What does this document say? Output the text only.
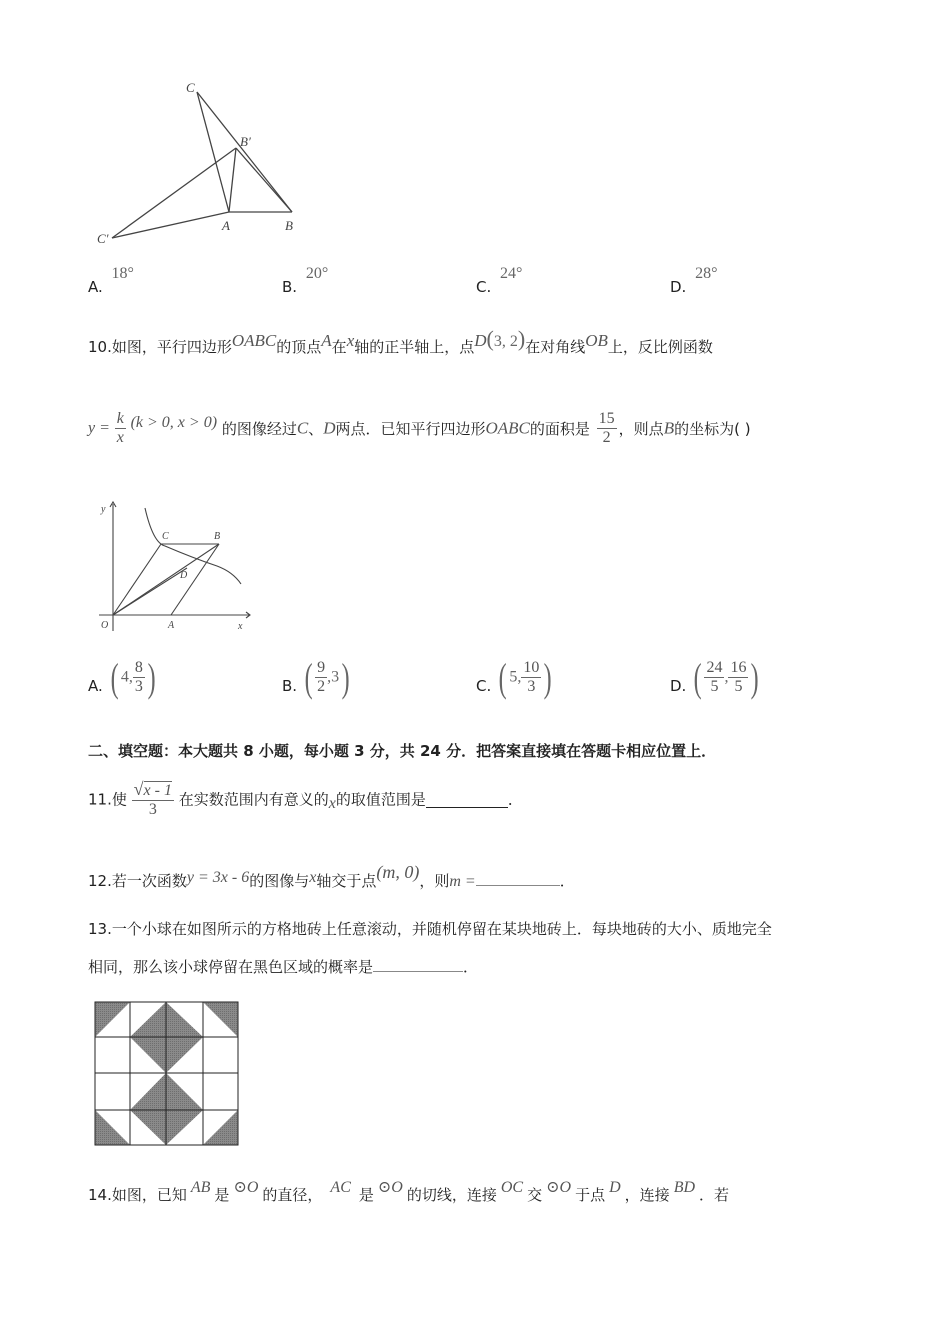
C
B′
C′
A	B
A. 18°
B. 20°
C. 24°
D. 28°
10.如图，平行四边形OABC的顶点A在x轴的正半轴上，点D(3, 2)在对角线OB上，反比例函数
$y = \frac{k}{x} (k > 0$, x > 0) 的图像经过C、D两点．已知平行四边形OABC的面积是 $\frac{15}{2}$ ，则点B的坐标为( )
y
C	B
D
O	A	x
A. ( 4, $\frac{8}{3}$ )	B. ( $\frac{9}{2} ,3$)	C. ( 5, $\frac{10}{3}$ )	D. ( $\frac{24}{5}$ , $\frac{16}{5}$ )
二、填空题：本大题共 8 小题，每小题 3 分，共 24 分．把答案直接填在答题卡相应位置上．
11.使 $\frac{√x - 1}{3}$ 在实数范围内有意义的x的取值范围是	．
12.若一次函数y = 3x - 6的图像与x轴交于点(m, 0)，则m =	．
13.一个小球在如图所示的方格地砖上任意滚动，并随机停留在某块地砖上．每块地砖的大小、质地完全
相同，那么该小球停留在黑色区域的概率是	．
14.如图，已知 AB 是 ⊙O 的直径， AC 是 ⊙O 的切线，连接 OC 交 ⊙O 于点 D ，连接 BD ．若
